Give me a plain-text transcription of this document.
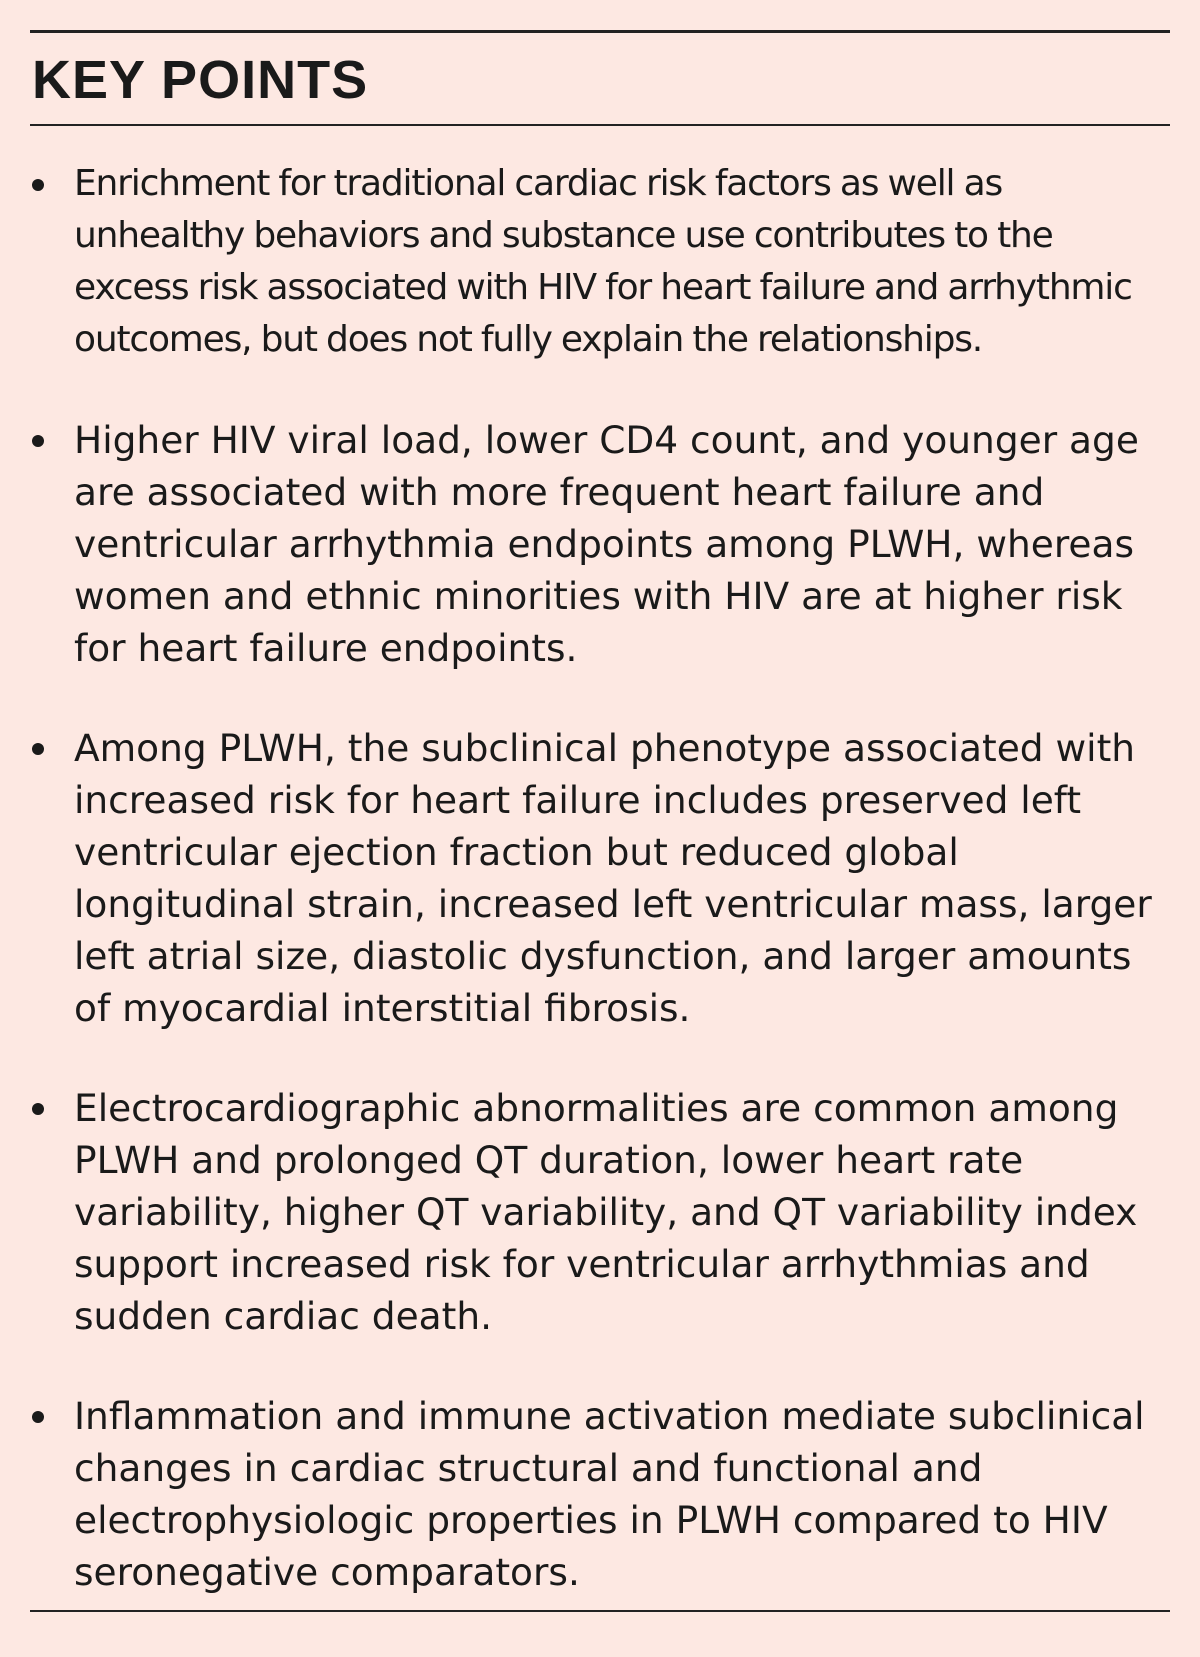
KEY POINTS
Enrichment for traditional cardiac risk factors as well as unhealthy behaviors and substance use contributes to the excess risk associated with HIV for heart failure and arrhythmic outcomes, but does not fully explain the relationships.
Higher HIV viral load, lower CD4 count, and younger age are associated with more frequent heart failure and ventricular arrhythmia endpoints among PLWH, whereas women and ethnic minorities with HIV are at higher risk for heart failure endpoints.
Among PLWH, the subclinical phenotype associated with increased risk for heart failure includes preserved left ventricular ejection fraction but reduced global longitudinal strain, increased left ventricular mass, larger left atrial size, diastolic dysfunction, and larger amounts of myocardial interstitial fibrosis.
Electrocardiographic abnormalities are common among PLWH and prolonged QT duration, lower heart rate variability, higher QT variability, and QT variability index support increased risk for ventricular arrhythmias and sudden cardiac death.
Inflammation and immune activation mediate subclinical changes in cardiac structural and functional and electrophysiologic properties in PLWH compared to HIV seronegative comparators.
